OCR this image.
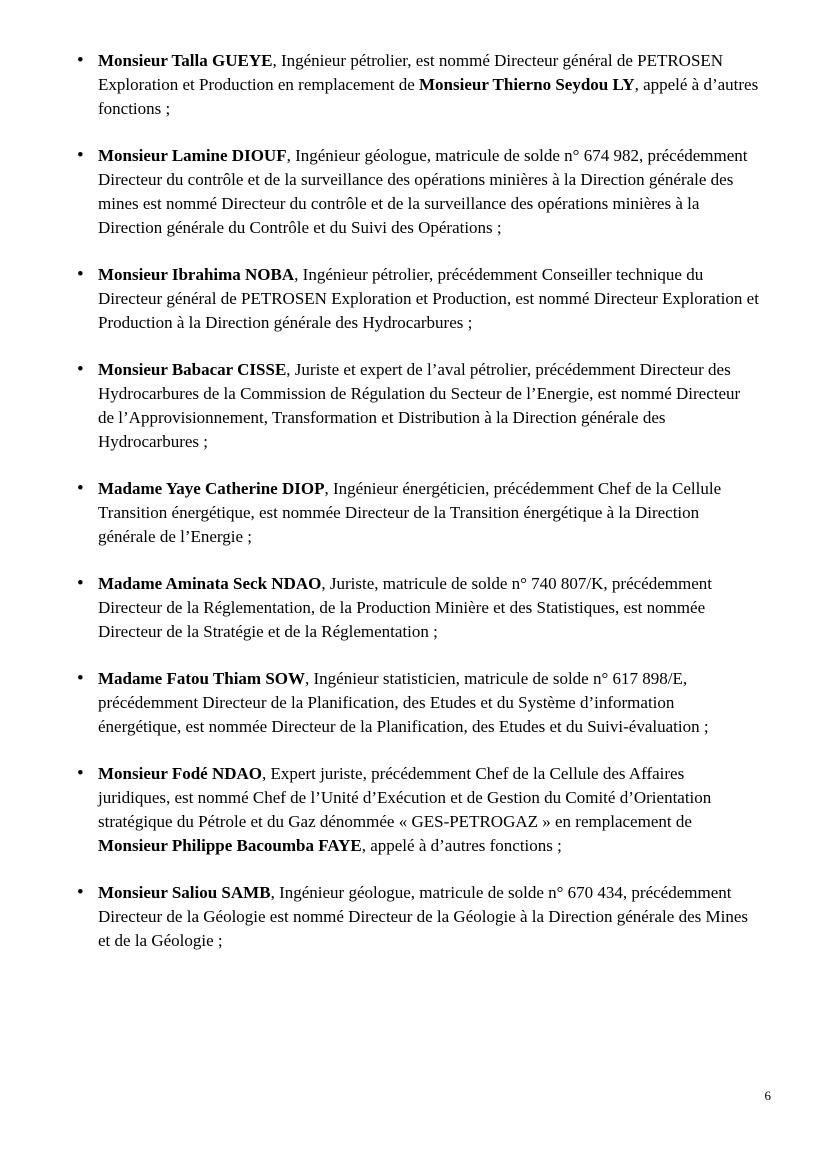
• Monsieur Talla GUEYE, Ingénieur pétrolier, est nommé Directeur général de PETROSEN Exploration et Production en remplacement de Monsieur Thierno Seydou LY, appelé à d’autres fonctions ;
• Monsieur Lamine DIOUF, Ingénieur géologue, matricule de solde n° 674 982, précédemment Directeur du contrôle et de la surveillance des opérations minières à la Direction générale des mines est nommé Directeur du contrôle et de la surveillance des opérations minières à la Direction générale du Contrôle et du Suivi des Opérations ;
• Monsieur Ibrahima NOBA, Ingénieur pétrolier, précédemment Conseiller technique du Directeur général de PETROSEN Exploration et Production, est nommé Directeur Exploration et Production à la Direction générale des Hydrocarbures ;
• Monsieur Babacar CISSE, Juriste et expert de l’aval pétrolier, précédemment Directeur des Hydrocarbures de la Commission de Régulation du Secteur de l’Energie, est nommé Directeur de l’Approvisionnement, Transformation et Distribution à la Direction générale des Hydrocarbures ;
• Madame Yaye Catherine DIOP, Ingénieur énergéticien, précédemment Chef de la Cellule Transition énergétique, est nommée Directeur de la Transition énergétique à la Direction générale de l’Energie ;
• Madame Aminata Seck NDAO, Juriste, matricule de solde n° 740 807/K, précédemment Directeur de la Réglementation, de la Production Minière et des Statistiques, est nommée Directeur de la Stratégie et de la Réglementation ;
• Madame Fatou Thiam SOW, Ingénieur statisticien, matricule de solde n° 617 898/E, précédemment Directeur de la Planification, des Etudes et du Système d’information énergétique, est nommée Directeur de la Planification, des Etudes et du Suivi-évaluation ;
• Monsieur Fodé NDAO, Expert juriste, précédemment Chef de la Cellule des Affaires juridiques, est nommé Chef de l’Unité d’Exécution et de Gestion du Comité d’Orientation stratégique du Pétrole et du Gaz dénommée « GES-PETROGAZ » en remplacement de Monsieur Philippe Bacoumba FAYE, appelé à d’autres fonctions ;
• Monsieur Saliou SAMB, Ingénieur géologue, matricule de solde n° 670 434, précédemment Directeur de la Géologie est nommé Directeur de la Géologie à la Direction générale des Mines et de la Géologie ;
6
